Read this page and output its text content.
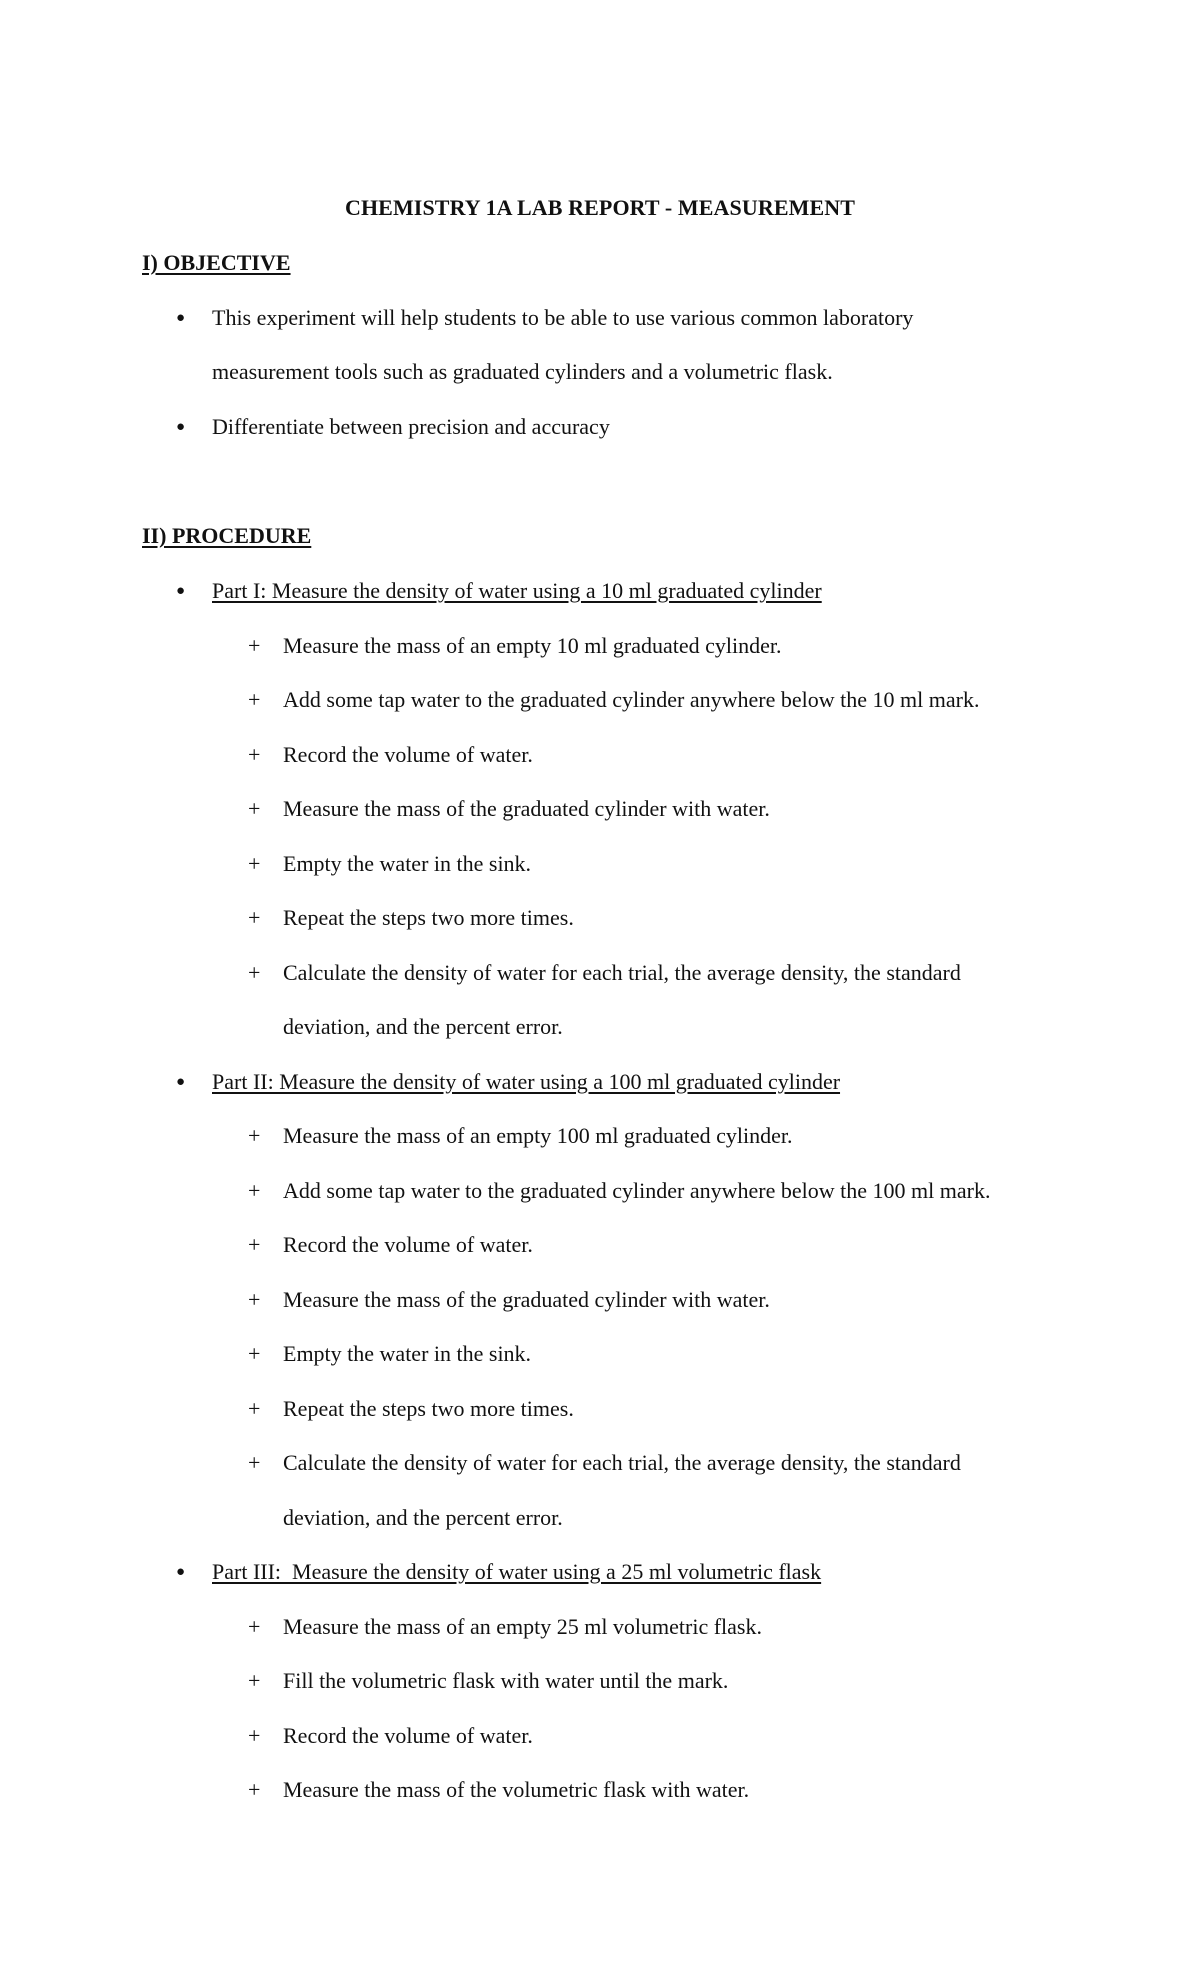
CHEMISTRY 1A LAB REPORT - MEASUREMENT
I) OBJECTIVE
● This experiment will help students to be able to use various common laboratory
measurement tools such as graduated cylinders and a volumetric flask.
● Differentiate between precision and accuracy
II) PROCEDURE
● Part I: Measure the density of water using a 10 ml graduated cylinder
+ Measure the mass of an empty 10 ml graduated cylinder.
+ Add some tap water to the graduated cylinder anywhere below the 10 ml mark.
+ Record the volume of water.
+ Measure the mass of the graduated cylinder with water.
+ Empty the water in the sink.
+ Repeat the steps two more times.
+ Calculate the density of water for each trial, the average density, the standard
deviation, and the percent error.
● Part II: Measure the density of water using a 100 ml graduated cylinder
+ Measure the mass of an empty 100 ml graduated cylinder.
+ Add some tap water to the graduated cylinder anywhere below the 100 ml mark.
+ Record the volume of water.
+ Measure the mass of the graduated cylinder with water.
+ Empty the water in the sink.
+ Repeat the steps two more times.
+ Calculate the density of water for each trial, the average density, the standard
deviation, and the percent error.
● Part III:  Measure the density of water using a 25 ml volumetric flask
+ Measure the mass of an empty 25 ml volumetric flask.
+ Fill the volumetric flask with water until the mark.
+ Record the volume of water.
+ Measure the mass of the volumetric flask with water.
